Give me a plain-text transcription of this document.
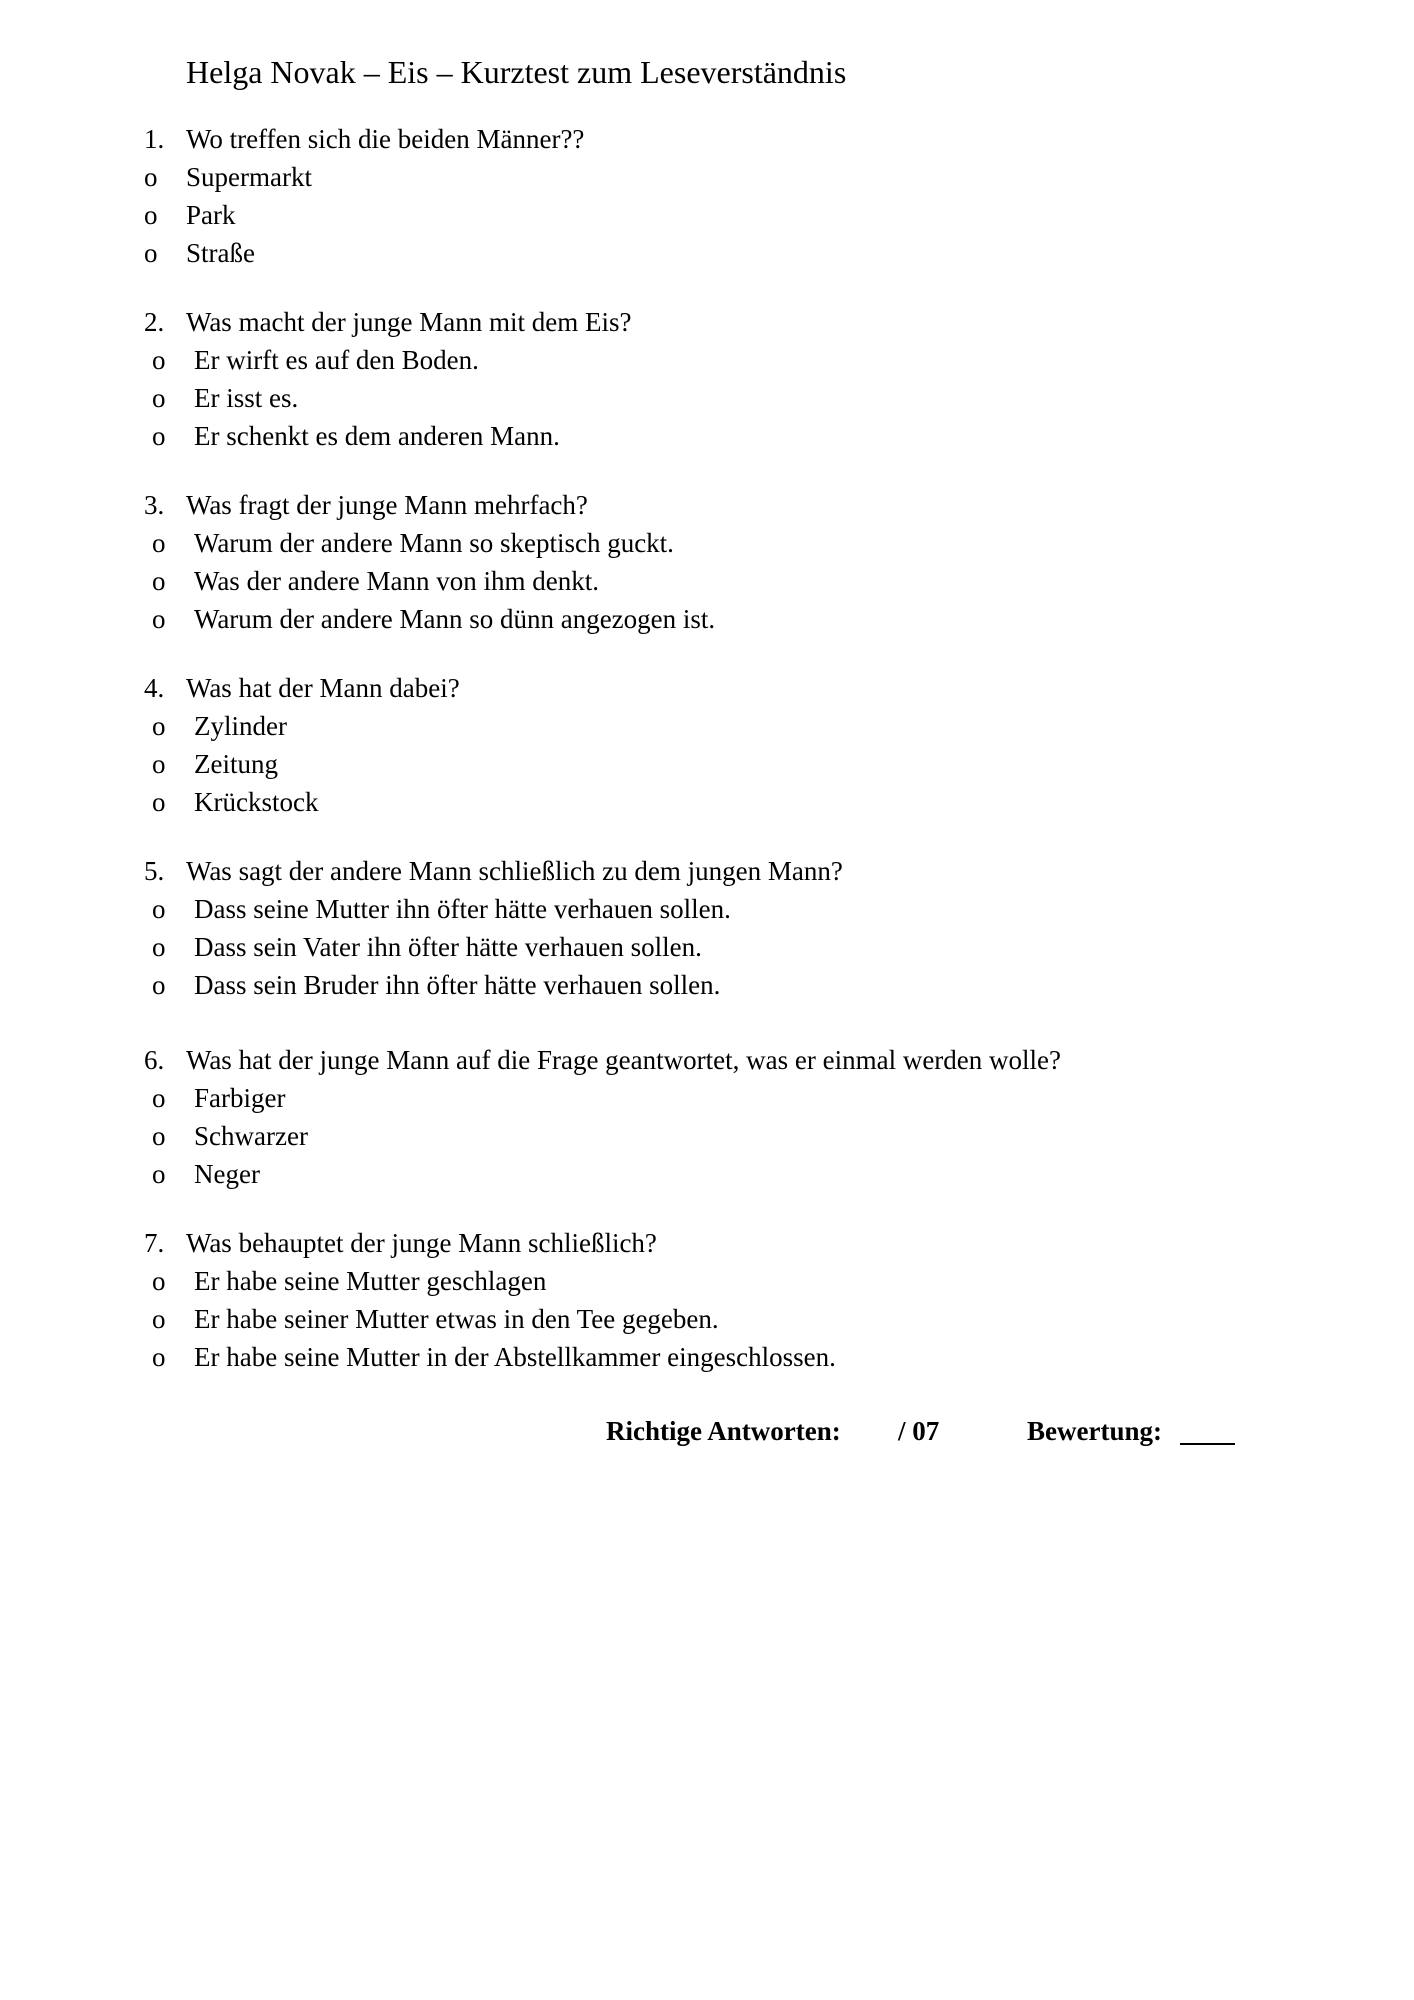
Helga Novak – Eis – Kurztest zum Leseverständnis
1. Wo treffen sich die beiden Männer??
o Supermarkt
o Park
o Straße
2. Was macht der junge Mann mit dem Eis?
o Er wirft es auf den Boden.
o Er isst es.
o Er schenkt es dem anderen Mann.
3. Was fragt der junge Mann mehrfach?
o Warum der andere Mann so skeptisch guckt.
o Was der andere Mann von ihm denkt.
o Warum der andere Mann so dünn angezogen ist.
4. Was hat der Mann dabei?
o Zylinder
o Zeitung
o Krückstock
5. Was sagt der andere Mann schließlich zu dem jungen Mann?
o Dass seine Mutter ihn öfter hätte verhauen sollen.
o Dass sein Vater ihn öfter hätte verhauen sollen.
o Dass sein Bruder ihn öfter hätte verhauen sollen.
6. Was hat der junge Mann auf die Frage geantwortet, was er einmal werden wolle?
o Farbiger
o Schwarzer
o Neger
7. Was behauptet der junge Mann schließlich?
o Er habe seine Mutter geschlagen
o Er habe seiner Mutter etwas in den Tee gegeben.
o Er habe seine Mutter in der Abstellkammer eingeschlossen.
Richtige Antworten: / 07	Bewertung:
